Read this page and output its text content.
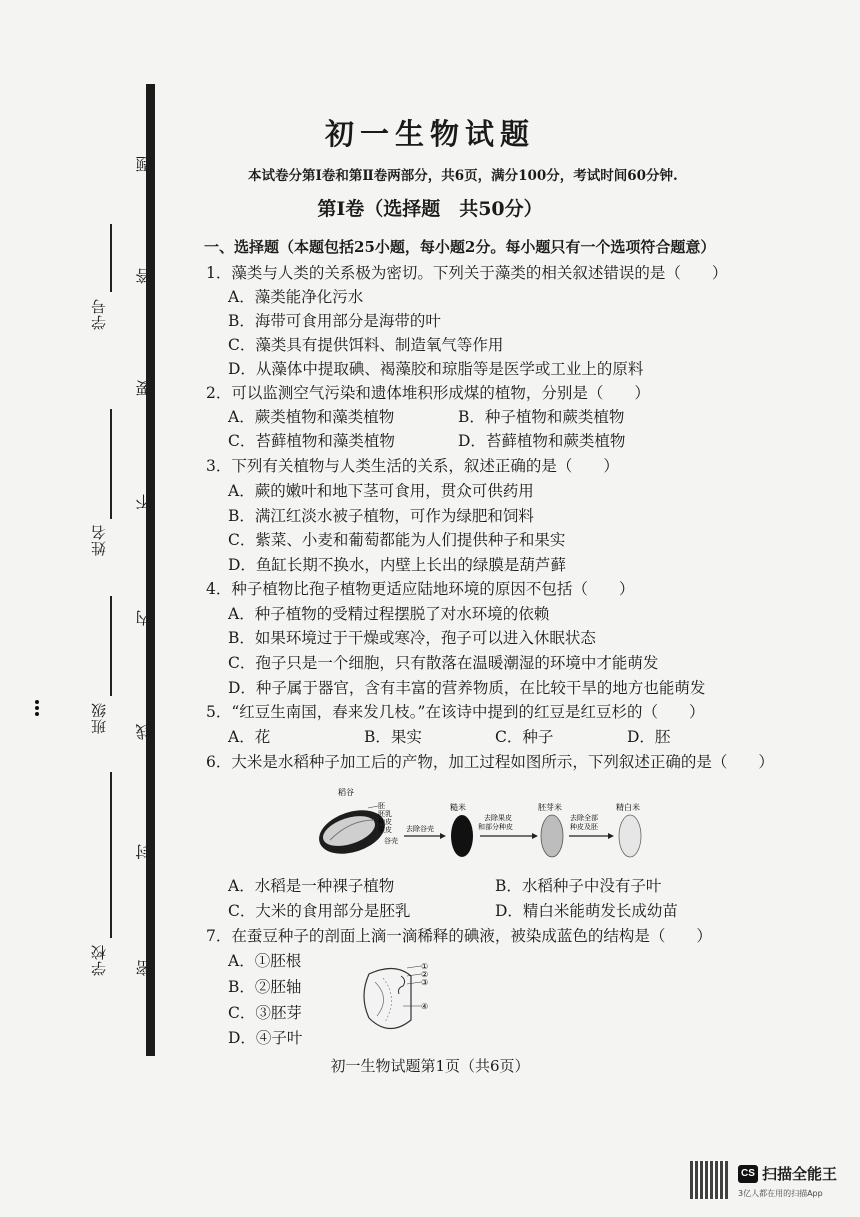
题
答
要
不
内
线
封
密
学号
姓名
班级
学校
初一生物试题
本试卷分第Ⅰ卷和第Ⅱ卷两部分，共6页，满分100分，考试时间60分钟.
第Ⅰ卷（选择题　共50分）
一、选择题（本题包括25小题，每小题2分。每小题只有一个选项符合题意）
1．藻类与人类的关系极为密切。下列关于藻类的相关叙述错误的是（　　）
A．藻类能净化污水
B．海带可食用部分是海带的叶
C．藻类具有提供饵料、制造氧气等作用
D．从藻体中提取碘、褐藻胶和琼脂等是医学或工业上的原料
2．可以监测空气污染和遗体堆积形成煤的植物，分别是（　　）
A．蕨类植物和藻类植物	B．种子植物和蕨类植物
C．苔藓植物和藻类植物	D．苔藓植物和蕨类植物
3．下列有关植物与人类生活的关系，叙述正确的是（　　）
A．蕨的嫩叶和地下茎可食用，贯众可供药用
B．满江红淡水被子植物，可作为绿肥和饲料
C．紫菜、小麦和葡萄都能为人们提供种子和果实
D．鱼缸长期不换水，内壁上长出的绿膜是葫芦藓
4．种子植物比孢子植物更适应陆地环境的原因不包括（　　）
A．种子植物的受精过程摆脱了对水环境的依赖
B．如果环境过于干燥或寒冷，孢子可以进入休眠状态
C．孢子只是一个细胞，只有散落在温暖潮湿的环境中才能萌发
D．种子属于器官，含有丰富的营养物质，在比较干旱的地方也能萌发
5．“红豆生南国，春来发几枝。”在该诗中提到的红豆是红豆杉的（　　）
A．花	B．果实	C．种子	D．胚
6．大米是水稻种子加工后的产物，加工过程如图所示，下列叙述正确的是（　　）
稻谷
胚
胚乳
种皮
果皮
谷壳
去除谷壳
糙米
去除果皮
和部分种皮
胚芽米
去除全部
种皮及胚
精白米
A．水稻是一种裸子植物	B．水稻种子中没有子叶
C．大米的食用部分是胚乳	D．精白米能萌发长成幼苗
7．在蚕豆种子的剖面上滴一滴稀释的碘液，被染成蓝色的结构是（　　）
A．①胚根
B．②胚轴
C．③胚芽
D．④子叶
①
②
③
④
初一生物试题第1页（共6页）
CS 扫描全能王
3亿人都在用的扫描App
